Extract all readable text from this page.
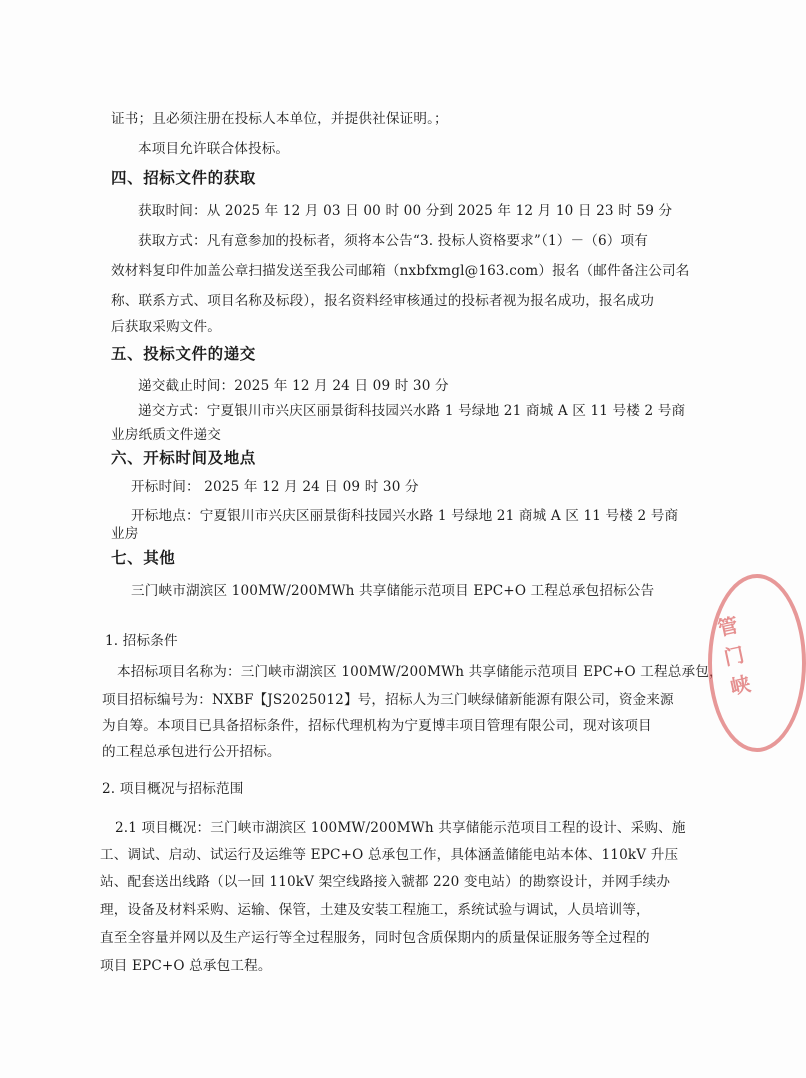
证书；且必须注册在投标人本单位，并提供社保证明。；
本项目允许联合体投标。
四、招标文件的获取
获取时间：从 2025 年 12 月 03 日 00 时 00 分到 2025 年 12 月 10 日 23 时 59 分
获取方式：凡有意参加的投标者，须将本公告“3. 投标人资格要求”（1）－（6）项有
效材料复印件加盖公章扫描发送至我公司邮箱（nxbfxmgl@163.com）报名（邮件备注公司名
称、联系方式、项目名称及标段），报名资料经审核通过的投标者视为报名成功，报名成功
后获取采购文件。
五、投标文件的递交
递交截止时间：2025 年 12 月 24 日 09 时 30 分
递交方式：宁夏银川市兴庆区丽景街科技园兴水路 1 号绿地 21 商城 A 区 11 号楼 2 号商
业房纸质文件递交
六、开标时间及地点
开标时间： 2025 年 12 月 24 日 09 时 30 分
开标地点：宁夏银川市兴庆区丽景街科技园兴水路 1 号绿地 21 商城 A 区 11 号楼 2 号商
业房
七、其他
三门峡市湖滨区 100MW/200MWh 共享储能示范项目 EPC+O 工程总承包招标公告
1. 招标条件
本招标项目名称为：三门峡市湖滨区 100MW/200MWh 共享储能示范项目 EPC+O 工程总承包，
项目招标编号为：NXBF【JS2025012】号，招标人为三门峡绿储新能源有限公司，资金来源
为自筹。本项目已具备招标条件，招标代理机构为宁夏博丰项目管理有限公司，现对该项目
的工程总承包进行公开招标。
2. 项目概况与招标范围
2.1 项目概况：三门峡市湖滨区 100MW/200MWh 共享储能示范项目工程的设计、采购、施
工、调试、启动、试运行及运维等 EPC+O 总承包工作，具体涵盖储能电站本体、110kV 升压
站、配套送出线路（以一回 110kV 架空线路接入虢都 220 变电站）的勘察设计，并网手续办
理，设备及材料采购、运输、保管，土建及安装工程施工，系统试验与调试，人员培训等，
直至全容量并网以及生产运行等全过程服务，同时包含质保期内的质量保证服务等全过程的
项目 EPC+O 总承包工程。
管
门
峡
